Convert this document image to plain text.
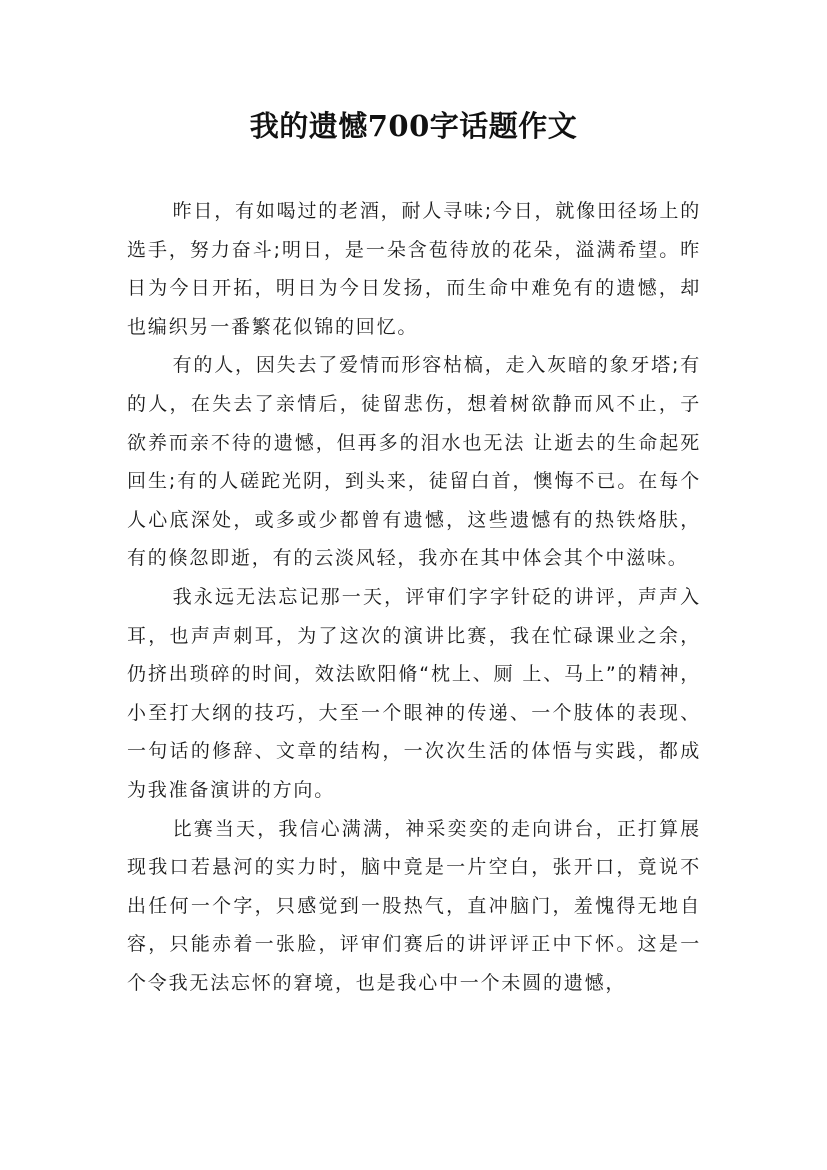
我的遗憾700字话题作文

昨日，有如喝过的老酒，耐人寻味;今日，就像田径场上的选手，努力奋斗;明日，是一朵含苞待放的花朵，溢满希望。昨日为今日开拓，明日为今日发扬，而生命中难免有的遗憾，却也编织另一番繁花似锦的回忆。

有的人，因失去了爱情而形容枯槁，走入灰暗的象牙塔;有的人，在失去了亲情后，徒留悲伤，想着树欲静而风不止，子欲养而亲不待的遗憾，但再多的泪水也无法 让逝去的生命起死回生;有的人磋跎光阴，到头来，徒留白首，懊悔不已。在每个人心底深处，或多或少都曾有遗憾，这些遗憾有的热铁烙肤，有的倏忽即逝，有的云淡风轻，我亦在其中体会其个中滋味。

我永远无法忘记那一天，评审们字字针砭的讲评，声声入耳，也声声刺耳，为了这次的演讲比赛，我在忙碌课业之余，仍挤出琐碎的时间，效法欧阳脩“枕上、厕 上、马上”的精神，小至打大纲的技巧，大至一个眼神的传递、一个肢体的表现、一句话的修辞、文章的结构，一次次生活的体悟与实践，都成为我准备演讲的方向。

比赛当天，我信心满满，神采奕奕的走向讲台，正打算展现我口若悬河的实力时，脑中竟是一片空白，张开口，竟说不出任何一个字，只感觉到一股热气，直冲脑门，羞愧得无地自容，只能赤着一张脸，评审们赛后的讲评评正中下怀。这是一个令我无法忘怀的窘境，也是我心中一个未圆的遗憾，
